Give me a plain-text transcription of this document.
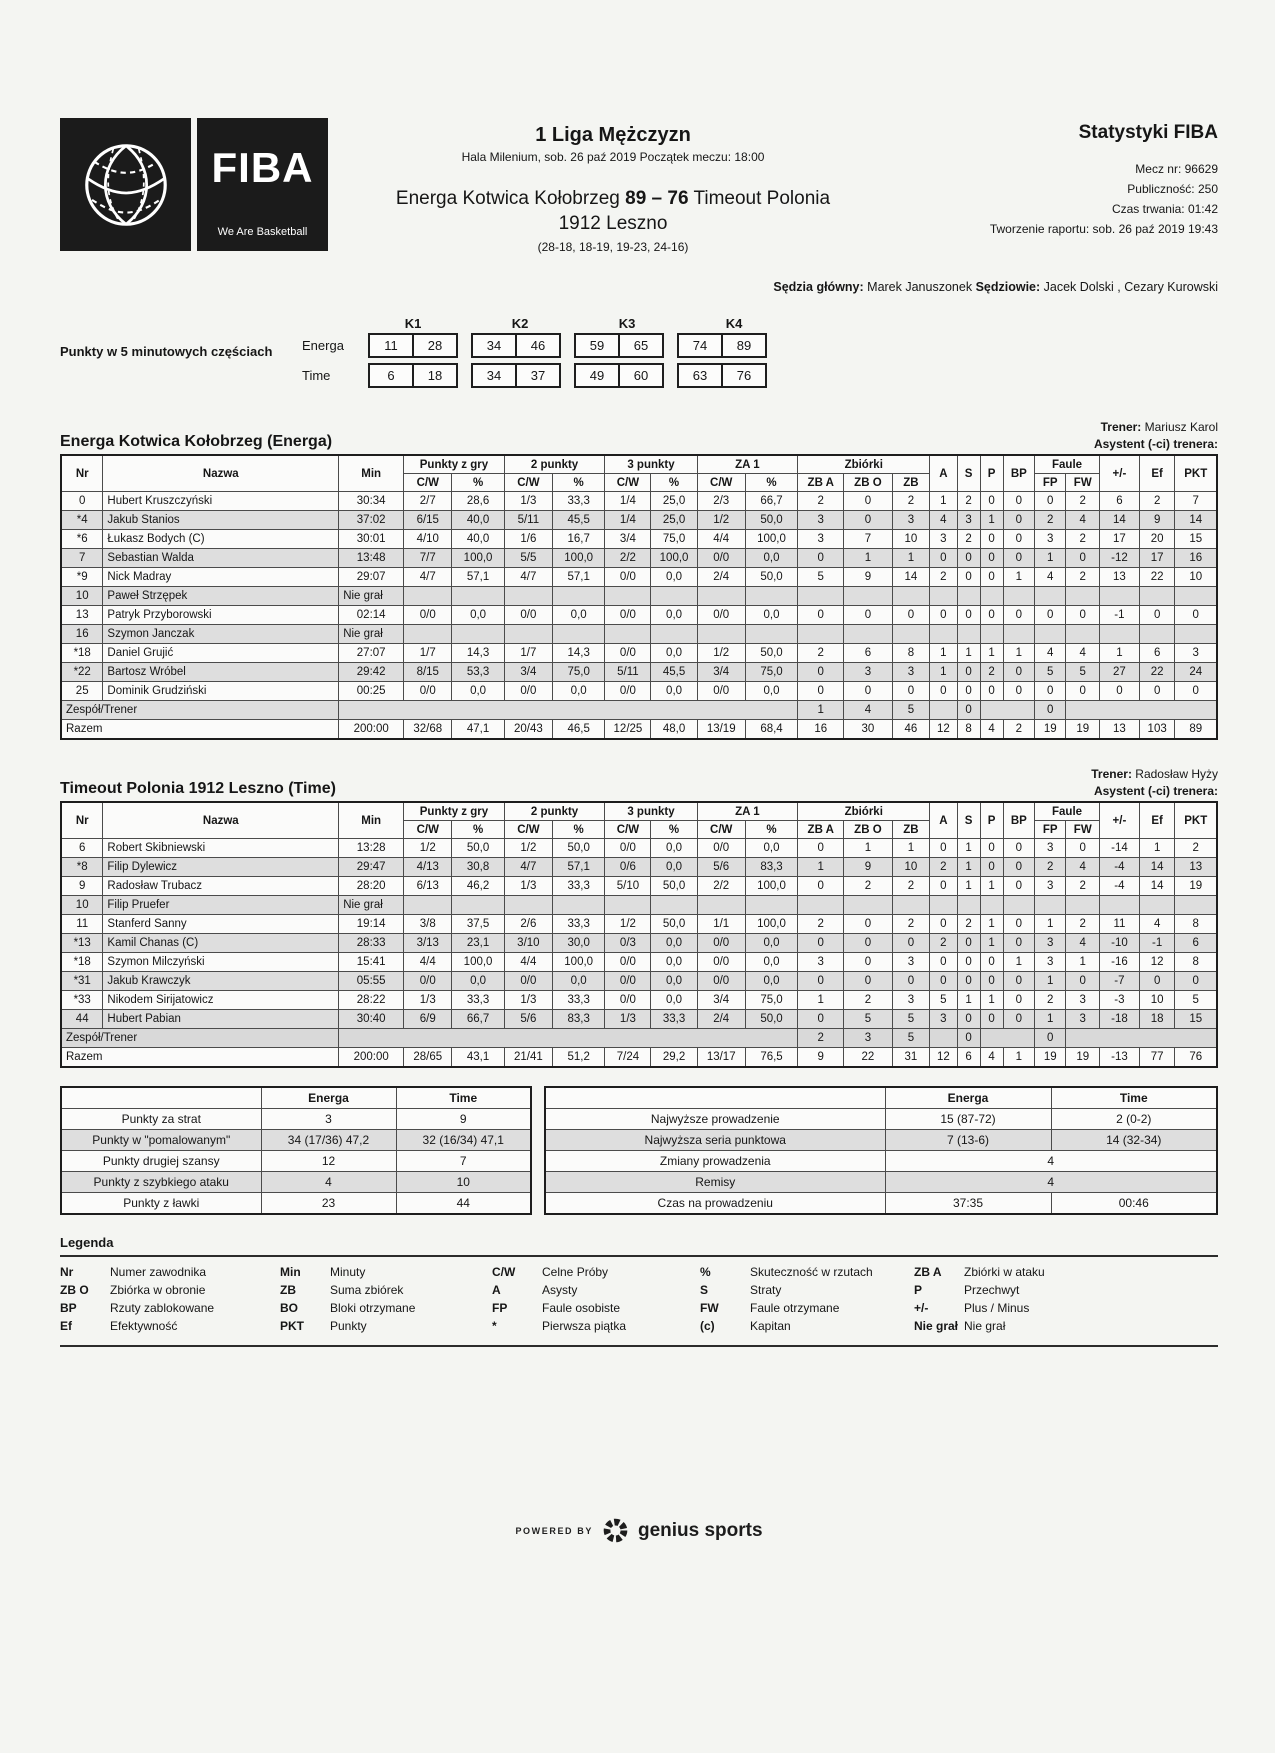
FIBA
We Are Basketball
1 Liga Mężczyzn
Hala Milenium, sob. 26 paź 2019 Początek meczu: 18:00
Energa Kotwica Kołobrzeg 89 – 76 Timeout Polonia
1912 Leszno
(28-18, 18-19, 19-23, 24-16)
Statystyki FIBA
Mecz nr: 96629
Publiczność: 250
Czas trwania: 01:42
Tworzenie raportu: sob. 26 paź 2019 19:43
Sędzia główny: Marek Januszonek Sędziowie: Jacek Dolski , Cezary Kurowski
Punkty w 5 minutowych częściach
K1	K2	K3	K4
Energa	11	28	34	46	59	65	74	89
Time	6	18	34	37	49	60	63	76
Energa Kotwica Kołobrzeg (Energa)
Trener: Mariusz Karol
Asystent (-ci) trenera:
Nr	Nazwa	Min	Punkty z gry		2 punkty		3 punkty		ZA 1		Zbiórki			A	S	P	BP	Faule		+/-	Ef	PKT
			C/W	%	C/W	%	C/W	%	C/W	%	ZB A	ZB O	ZB					FP	FW			
0	Hubert Kruszczyński	30:34	2/7	28,6	1/3	33,3	1/4	25,0	2/3	66,7	2	0	2	1	2	0	0	0	2	6	2	7
*4	Jakub Stanios	37:02	6/15	40,0	5/11	45,5	1/4	25,0	1/2	50,0	3	0	3	4	3	1	0	2	4	14	9	14
*6	Łukasz Bodych (C)	30:01	4/10	40,0	1/6	16,7	3/4	75,0	4/4	100,0	3	7	10	3	2	0	0	3	2	17	20	15
7	Sebastian Walda	13:48	7/7	100,0	5/5	100,0	2/2	100,0	0/0	0,0	0	1	1	0	0	0	0	1	0	-12	17	16
*9	Nick Madray	29:07	4/7	57,1	4/7	57,1	0/0	0,0	2/4	50,0	5	9	14	2	0	0	1	4	2	13	22	10
10	Paweł Strzępek	Nie grał																				
13	Patryk Przyborowski	02:14	0/0	0,0	0/0	0,0	0/0	0,0	0/0	0,0	0	0	0	0	0	0	0	0	0	-1	0	0
16	Szymon Janczak	Nie grał																				
*18	Daniel Grujić	27:07	1/7	14,3	1/7	14,3	0/0	0,0	1/2	50,0	2	6	8	1	1	1	1	4	4	1	6	3
*22	Bartosz Wróbel	29:42	8/15	53,3	3/4	75,0	5/11	45,5	3/4	75,0	0	3	3	1	0	2	0	5	5	27	22	24
25	Dominik Grudziński	00:25	0/0	0,0	0/0	0,0	0/0	0,0	0/0	0,0	0	0	0	0	0	0	0	0	0	0	0	0
Zespół/Trener											1	4	5		0			0				
Razem		200:00	32/68	47,1	20/43	46,5	12/25	48,0	13/19	68,4	16	30	46	12	8	4	2	19	19	13	103	89
Timeout Polonia 1912 Leszno (Time)
Trener: Radosław Hyży
Asystent (-ci) trenera:
Nr	Nazwa	Min	Punkty z gry		2 punkty		3 punkty		ZA 1		Zbiórki			A	S	P	BP	Faule		+/-	Ef	PKT
			C/W	%	C/W	%	C/W	%	C/W	%	ZB A	ZB O	ZB					FP	FW			
6	Robert Skibniewski	13:28	1/2	50,0	1/2	50,0	0/0	0,0	0/0	0,0	0	1	1	0	1	0	0	3	0	-14	1	2
*8	Filip Dylewicz	29:47	4/13	30,8	4/7	57,1	0/6	0,0	5/6	83,3	1	9	10	2	1	0	0	2	4	-4	14	13
9	Radosław Trubacz	28:20	6/13	46,2	1/3	33,3	5/10	50,0	2/2	100,0	0	2	2	0	1	1	0	3	2	-4	14	19
10	Filip Pruefer	Nie grał																				
11	Stanferd Sanny	19:14	3/8	37,5	2/6	33,3	1/2	50,0	1/1	100,0	2	0	2	0	2	1	0	1	2	11	4	8
*13	Kamil Chanas (C)	28:33	3/13	23,1	3/10	30,0	0/3	0,0	0/0	0,0	0	0	0	2	0	1	0	3	4	-10	-1	6
*18	Szymon Milczyński	15:41	4/4	100,0	4/4	100,0	0/0	0,0	0/0	0,0	3	0	3	0	0	0	1	3	1	-16	12	8
*31	Jakub Krawczyk	05:55	0/0	0,0	0/0	0,0	0/0	0,0	0/0	0,0	0	0	0	0	0	0	0	1	0	-7	0	0
*33	Nikodem Sirijatowicz	28:22	1/3	33,3	1/3	33,3	0/0	0,0	3/4	75,0	1	2	3	5	1	1	0	2	3	-3	10	5
44	Hubert Pabian	30:40	6/9	66,7	5/6	83,3	1/3	33,3	2/4	50,0	0	5	5	3	0	0	0	1	3	-18	18	15
Zespół/Trener											2	3	5		0			0				
Razem		200:00	28/65	43,1	21/41	51,2	7/24	29,2	13/17	76,5	9	22	31	12	6	4	1	19	19	-13	77	76
	Energa	Time
Punkty za strat	3	9
Punkty w "pomalowanym"	34 (17/36) 47,2	32 (16/34) 47,1
Punkty drugiej szansy	12	7
Punkty z szybkiego ataku	4	10
Punkty z ławki	23	44
	Energa	Time
Najwyższe prowadzenie	15 (87-72)	2 (0-2)
Najwyższa seria punktowa	7 (13-6)	14 (32-34)
Zmiany prowadzenia	4	
Remisy	4	
Czas na prowadzeniu	37:35	00:46
Legenda
Nr	Numer zawodnika	Min Minuty	C/W Celne Próby	%	Skuteczność w rzutach	ZB A Zbiórki w ataku
ZB O Zbiórka w obronie	ZB	Suma zbiórek	A	Asysty	S	Straty	P	Przechwyt
BP	Rzuty zablokowane	BO	Bloki otrzymane	FP	Faule osobiste	FW	Faule otrzymane	+/-	Plus / Minus
Ef	Efektywność	PKT Punkty	*	Pierwsza piątka	(c)	Kapitan	Nie grał Nie grał
POWERED BY genius sports
